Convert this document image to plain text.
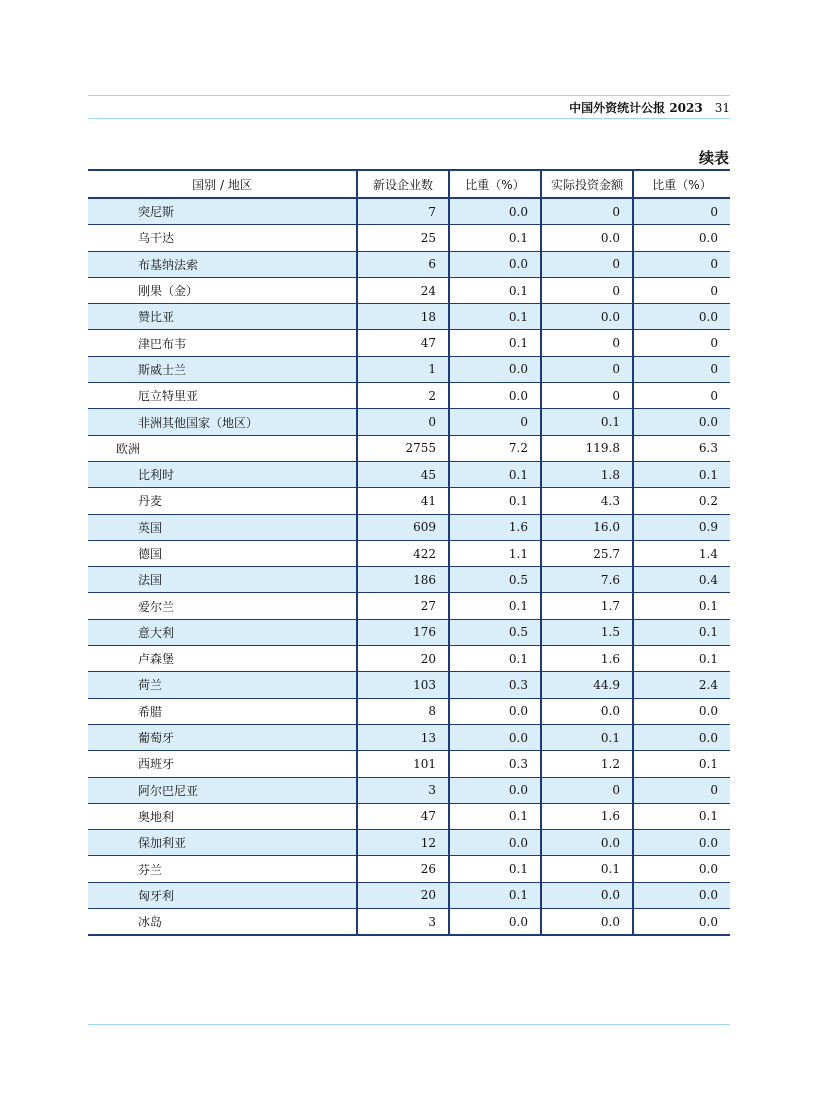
中国外资统计公报 2023 31
续表
国别 / 地区	新设企业数	比重（%）	实际投资金额	比重（%）
突尼斯	7	0.0	0	0
乌干达	25	0.1	0.0	0.0
布基纳法索	6	0.0	0	0
刚果（金）	24	0.1	0	0
赞比亚	18	0.1	0.0	0.0
津巴布韦	47	0.1	0	0
斯威士兰	1	0.0	0	0
厄立特里亚	2	0.0	0	0
非洲其他国家（地区）	0	0	0.1	0.0
欧洲	2755	7.2	119.8	6.3
比利时	45	0.1	1.8	0.1
丹麦	41	0.1	4.3	0.2
英国	609	1.6	16.0	0.9
德国	422	1.1	25.7	1.4
法国	186	0.5	7.6	0.4
爱尔兰	27	0.1	1.7	0.1
意大利	176	0.5	1.5	0.1
卢森堡	20	0.1	1.6	0.1
荷兰	103	0.3	44.9	2.4
希腊	8	0.0	0.0	0.0
葡萄牙	13	0.0	0.1	0.0
西班牙	101	0.3	1.2	0.1
阿尔巴尼亚	3	0.0	0	0
奥地利	47	0.1	1.6	0.1
保加利亚	12	0.0	0.0	0.0
芬兰	26	0.1	0.1	0.0
匈牙利	20	0.1	0.0	0.0
冰岛	3	0.0	0.0	0.0
